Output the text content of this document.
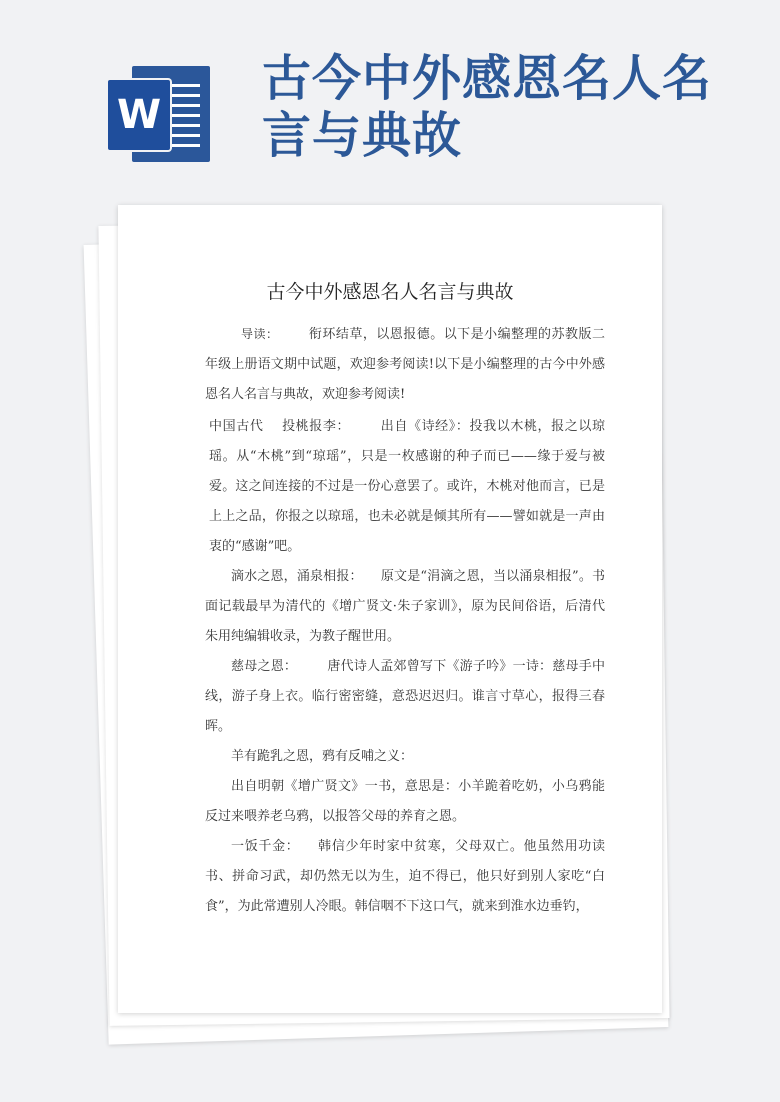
W
古今中外感恩名人名言与典故
古今中外感恩名人名言与典故

导读： 衔环结草，以恩报德。以下是小编整理的苏教版二年级上册语文期中试题，欢迎参考阅读!以下是小编整理的古今中外感恩名人名言与典故，欢迎参考阅读!

中国古代 投桃报李： 出自《诗经》：投我以木桃，报之以琼瑶。从“木桃”到“琼瑶”，只是一枚感谢的种子而已——缘于爱与被爱。这之间连接的不过是一份心意罢了。或许，木桃对他而言，已是上上之品，你报之以琼瑶，也未必就是倾其所有——譬如就是一声由衷的“感谢”吧。

滴水之恩，涌泉相报： 原文是“涓滴之恩，当以涌泉相报”。书面记载最早为清代的《增广贤文·朱子家训》，原为民间俗语，后清代朱用纯编辑收录，为教子醒世用。

慈母之恩： 唐代诗人孟郊曾写下《游子吟》一诗：慈母手中线，游子身上衣。临行密密缝，意恐迟迟归。谁言寸草心，报得三春晖。

羊有跪乳之恩，鸦有反哺之义：

出自明朝《增广贤文》一书，意思是：小羊跪着吃奶，小乌鸦能反过来喂养老乌鸦，以报答父母的养育之恩。

一饭千金： 韩信少年时家中贫寒，父母双亡。他虽然用功读书、拼命习武，却仍然无以为生，迫不得已，他只好到别人家吃“白食”，为此常遭别人冷眼。韩信咽不下这口气，就来到淮水边垂钓，
